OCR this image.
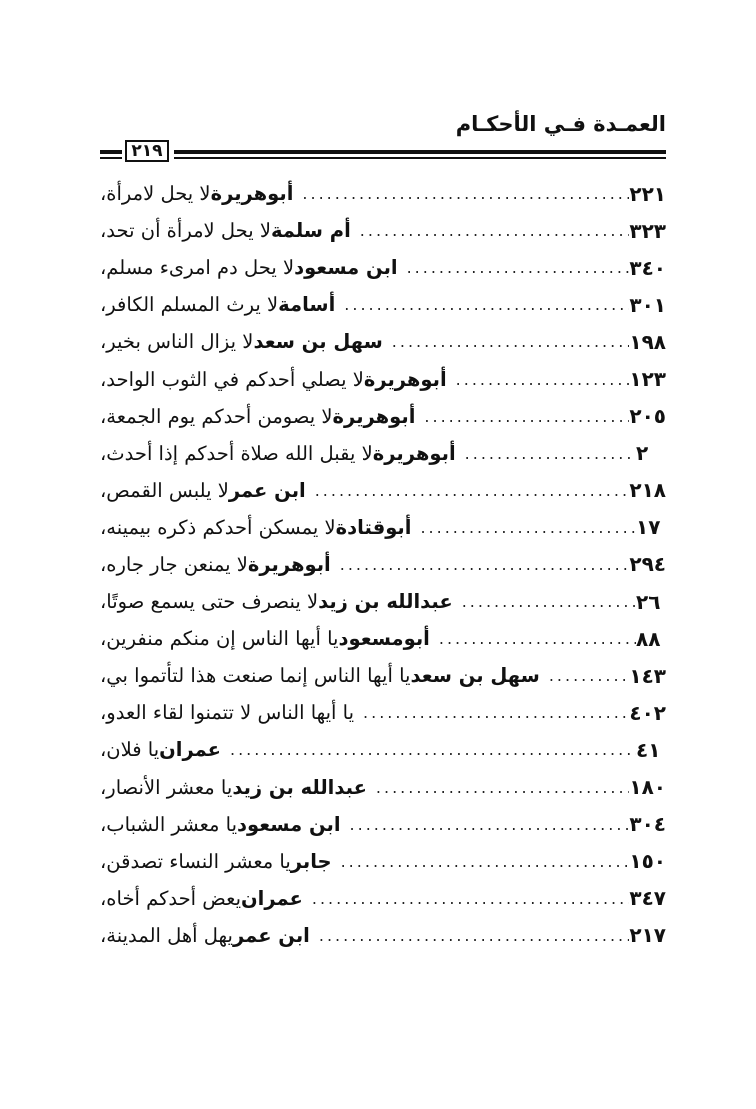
العمـدة فـي الأحكـام
٢١٩
لا يحل لامرأة، أبوهريرة .....	٢٢١
لا يحل لامرأة أن تحد، أم سلمة .....	٣٢٣
لا يحل دم امرىء مسلم، ابن مسعود .....	٣٤٠
لا يرث المسلم الكافر، أسامة .....	٣٠١
لا يزال الناس بخير، سهل بن سعد .....	١٩٨
لا يصلي أحدكم في الثوب الواحد، أبوهريرة .....	١٢٣
لا يصومن أحدكم يوم الجمعة، أبوهريرة .....	٢٠٥
لا يقبل الله صلاة أحدكم إذا أحدث، أبوهريرة .....	٢
لا يلبس القمص، ابن عمر .....	٢١٨
لا يمسكن أحدكم ذكره بيمينه، أبوقتادة .....	١٧
لا يمنعن جار جاره، أبوهريرة .....	٢٩٤
لا ينصرف حتى يسمع صوتًا، عبدالله بن زيد .....	٢٦
يا أيها الناس إن منكم منفرين، أبومسعود .....	٨٨
يا أيها الناس إنما صنعت هذا لتأتموا بي، سهل بن سعد .....	١٤٣
يا أيها الناس لا تتمنوا لقاء العدو، .....	٤٠٢
يا فلان، عمران .....	٤١
يا معشر الأنصار، عبدالله بن زيد .....	١٨٠
يا معشر الشباب، ابن مسعود .....	٣٠٤
يا معشر النساء تصدقن، جابر .....	١٥٠
يعض أحدكم أخاه، عمران .....	٣٤٧
يهل أهل المدينة، ابن عمر .....	٢١٧
